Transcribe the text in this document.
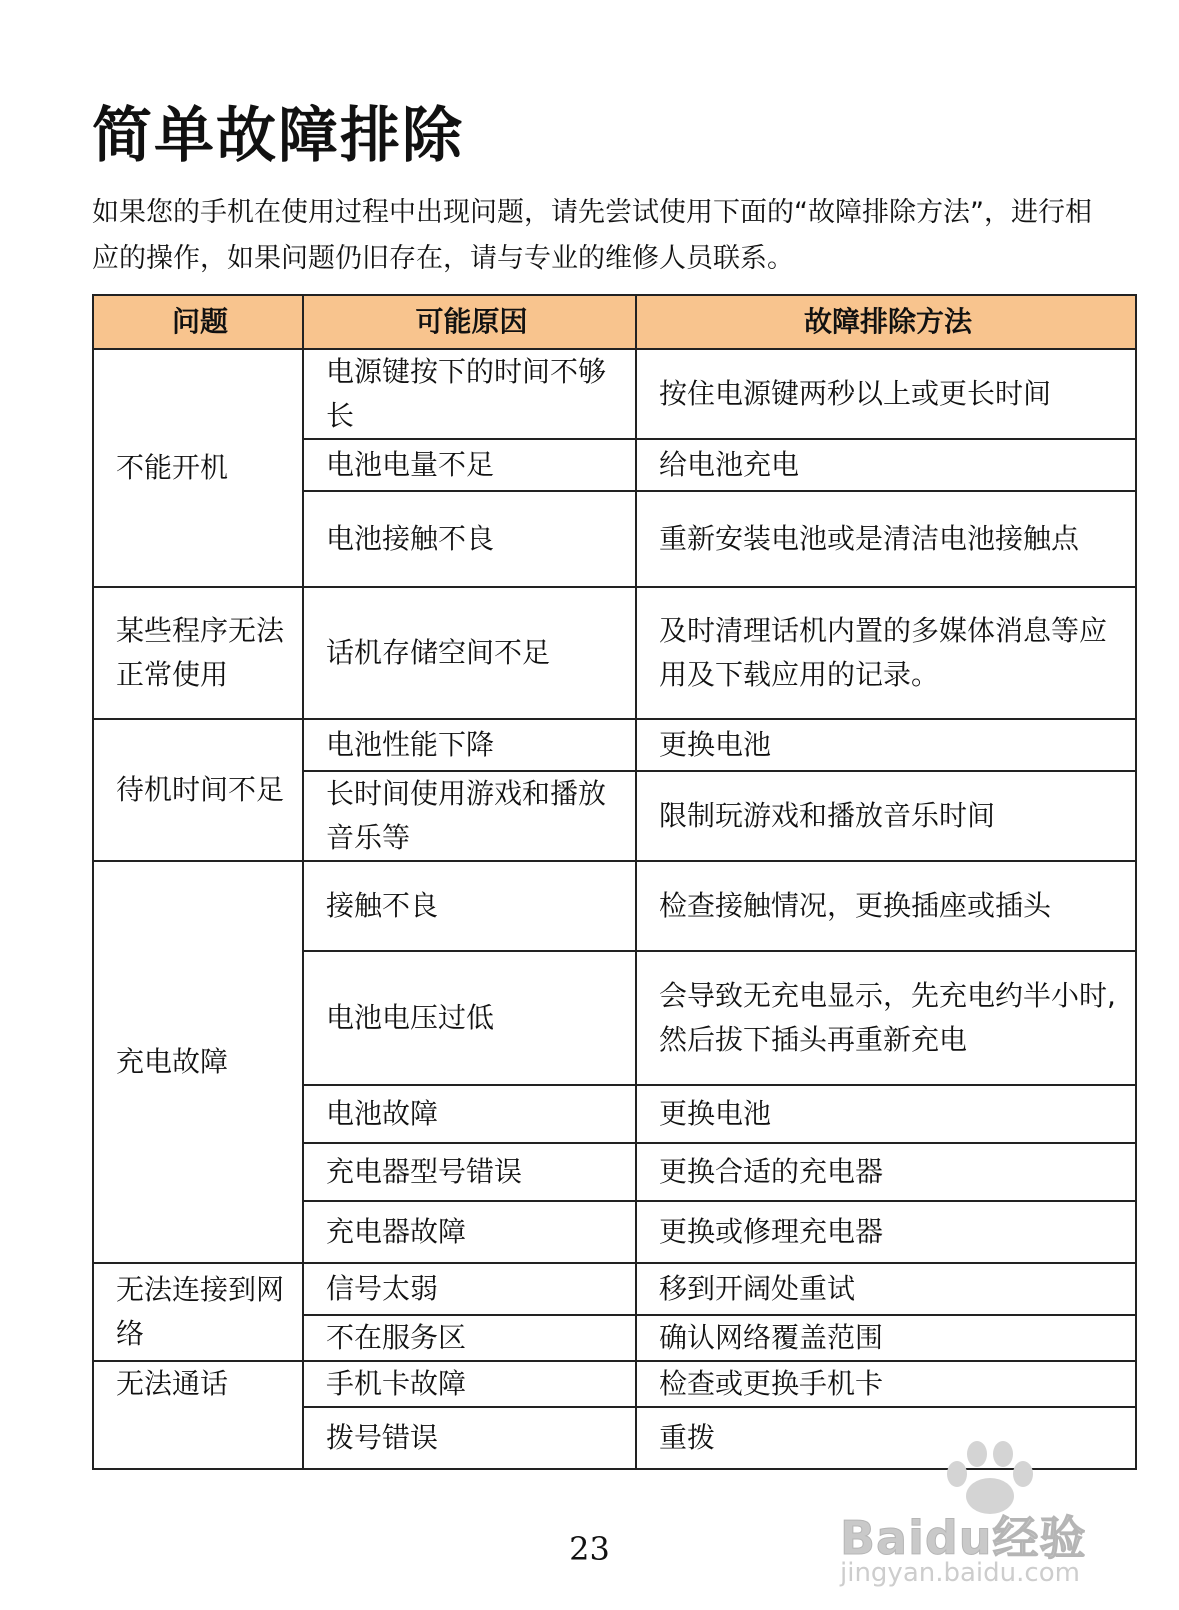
简单故障排除

如果您的手机在使用过程中出现问题，请先尝试使用下面的“故障排除方法”，进行相应的操作，如果问题仍旧存在，请与专业的维修人员联系。

问题	可能原因	故障排除方法
不能开机	电源键按下的时间不够长	按住电源键两秒以上或更长时间
	电池电量不足	给电池充电
	电池接触不良	重新安装电池或是清洁电池接触点
某些程序无法正常使用	话机存储空间不足	及时清理话机内置的多媒体消息等应用及下载应用的记录。
待机时间不足	电池性能下降	更换电池
	长时间使用游戏和播放音乐等	限制玩游戏和播放音乐时间
充电故障	接触不良	检查接触情况，更换插座或插头
	电池电压过低	会导致无充电显示，先充电约半小时,然后拔下插头再重新充电
	电池故障	更换电池
	充电器型号错误	更换合适的充电器
	充电器故障	更换或修理充电器
无法连接到网络	信号太弱	移到开阔处重试
	不在服务区	确认网络覆盖范围
无法通话	手机卡故障	检查或更换手机卡
	拨号错误	重拨
23	Baidu经验
jingyan.baidu.com
